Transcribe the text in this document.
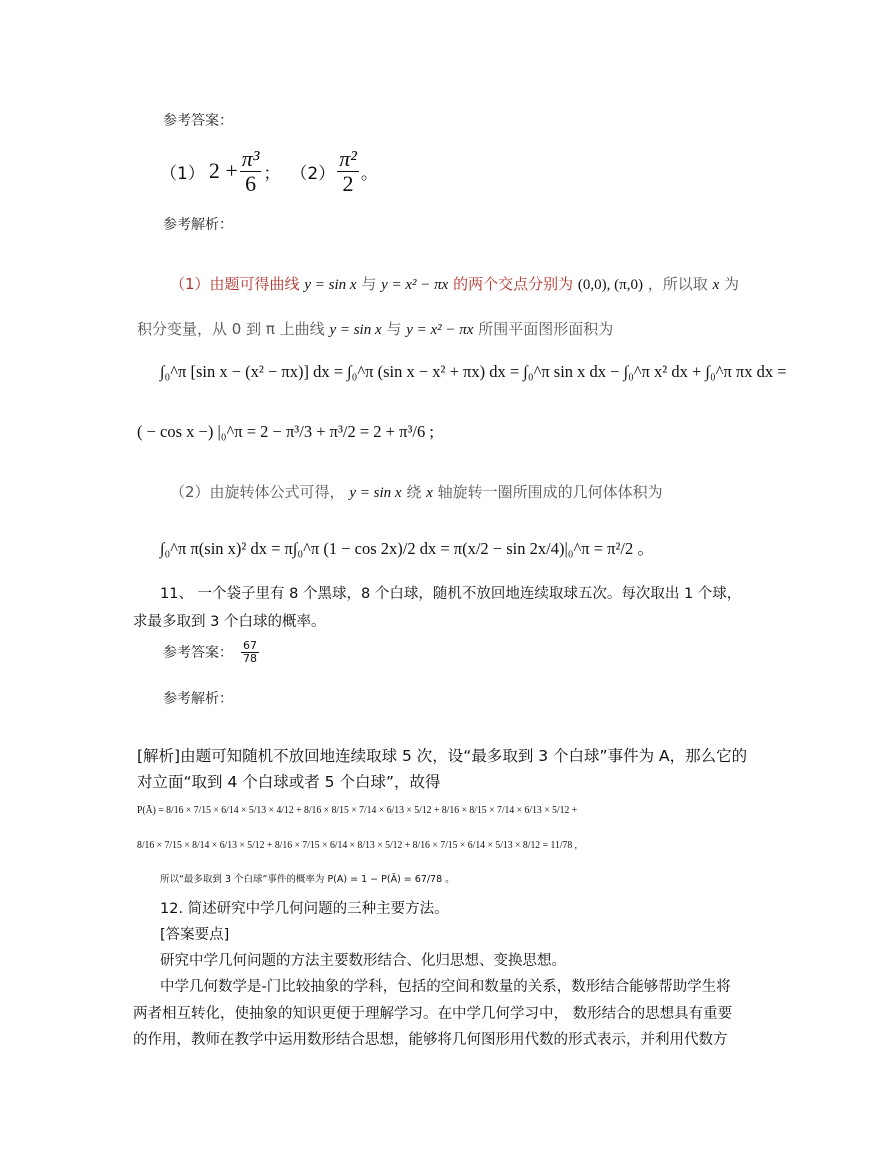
参考答案：
（1） $2 + \frac{\text{π³}}{6}$ ； $(2) \frac{\text{π²}}{2}$ 。
参考解析：
（1）由题可得曲线 y = sin x 与 y = x² − πx 的两个交点分别为 (0,0), (π,0) ，所以取 x 为
积分变量，从 0 到 π 上曲线 y = sin x 与 y = x² − πx 所围平面图形面积为
∫₀^π [sin x − (x² − πx)] dx = ∫₀^π (sin x − x² + πx) dx = ∫₀^π sin x dx − ∫₀^π x² dx + ∫₀^π πx dx =
( − cos x − ) |₀^π = 2 − π³/3 + π³/2 = 2 + π³/6 ;
（2）由旋转体公式可得， y = sin x 绕 x 轴旋转一圈所围成的几何体体积为
∫₀^π π(sin x)² dx = π∫₀^π (1 − cos 2x)/2 dx = π(x/2 − sin 2x/4)|₀^π = π²/2 。
11、 一个袋子里有 8 个黑球，8 个白球，随机不放回地连续取球五次。每次取出 1 个球，
求最多取到 3 个白球的概率。
参考答案： $\frac{67}{78}$
参考解析：
[解析]由题可知随机不放回地连续取球 5 次，设“最多取到 3 个白球”事件为 A，那么它的
对立面“取到 4 个白球或者 5 个白球”，故得
P(Ā) = 8/16 × 7/15 × 6/14 × 5/13 × 4/12 + 8/16 × 8/15 × 7/14 × 6/13 × 5/12 + 8/16 × 8/15 × 7/14 × 6/13 × 5/12 +
8/16 × 7/15 × 8/14 × 6/13 × 5/12 + 8/16 × 7/15 × 6/14 × 8/13 × 5/12 + 8/16 × 7/15 × 6/14 × 5/13 × 8/12 = 11/78 ,
所以“最多取到 3 个白球”事件的概率为 P(A) = 1 − P(Ā) = 67/78 。
12. 简述研究中学几何问题的三种主要方法。
[答案要点]
研究中学几何问题的方法主要数形结合、化归思想、变换思想。
中学几何数学是-门比较抽象的学科，包括的空间和数量的关系，数形结合能够帮助学生将
两者相互转化，使抽象的知识更便于理解学习。在中学几何学习中， 数形结合的思想具有重要
的作用，教师在教学中运用数形结合思想，能够将几何图形用代数的形式表示，并利用代数方
